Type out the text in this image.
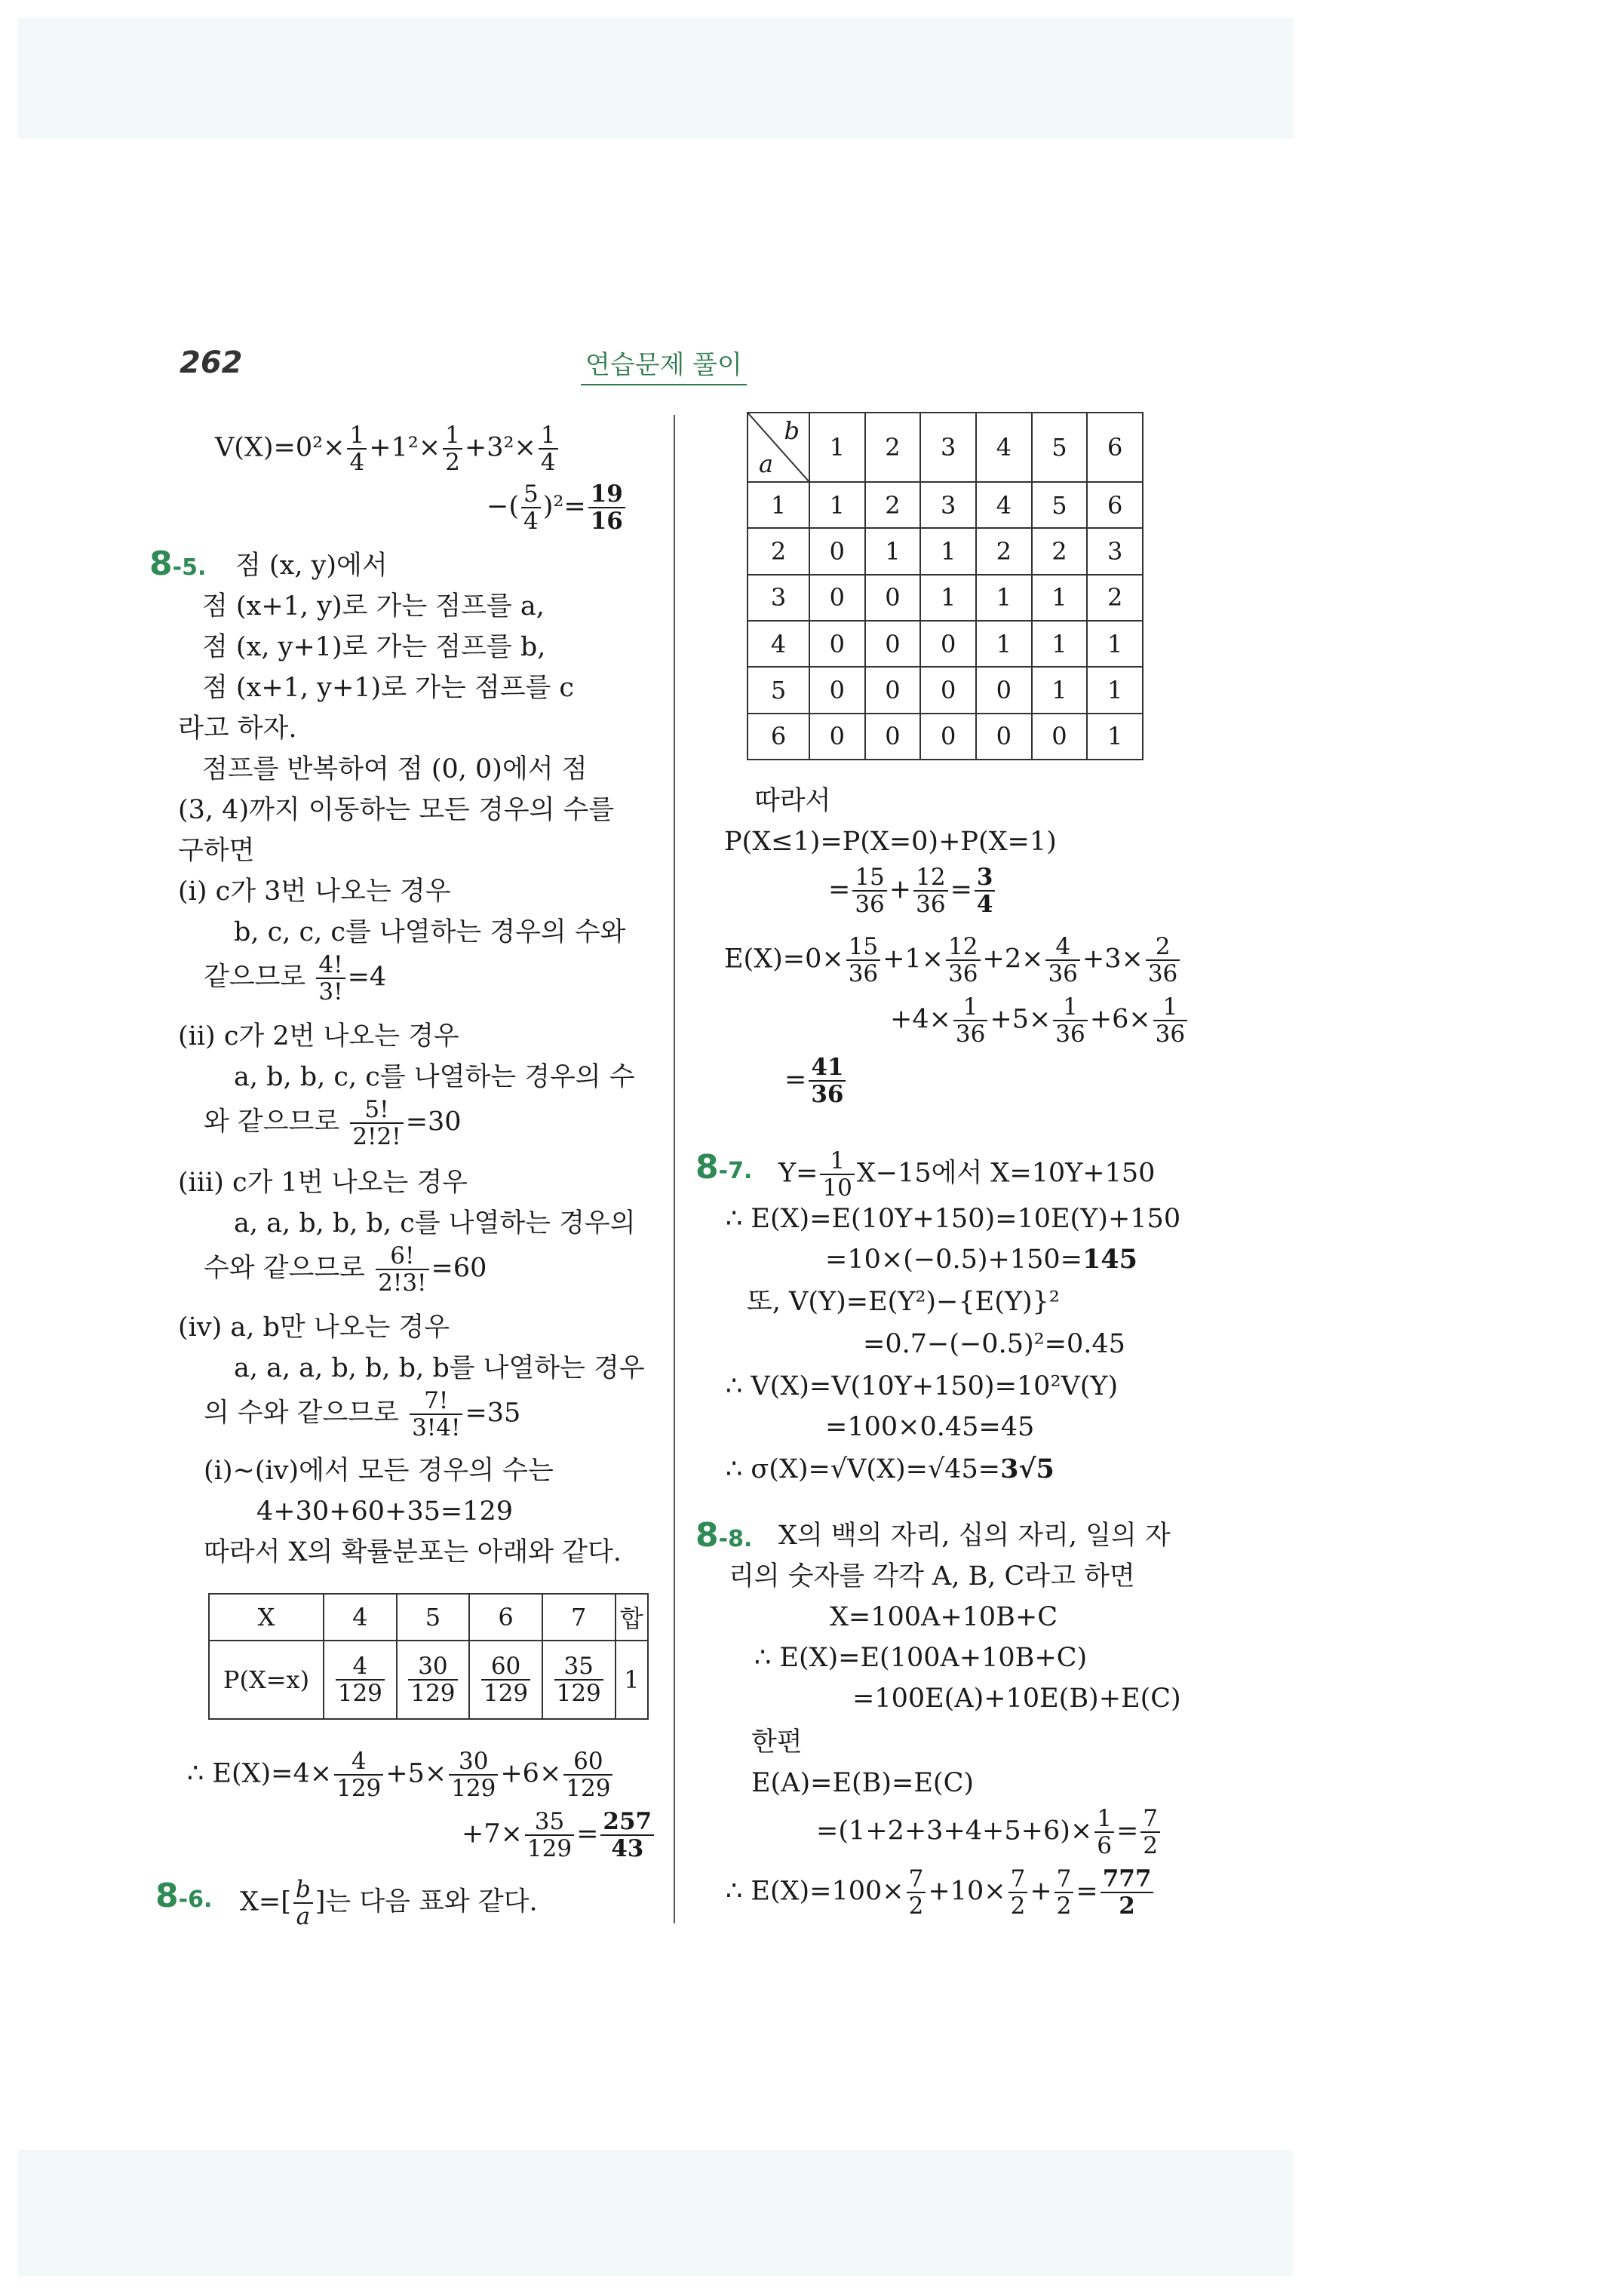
262	연습문제 풀이
$V(X)=0^2\times \frac{1}{4} +1^2\times \frac{1}{2} +3^2\times \frac{1}{4}$
−( $\frac{5}{4} )^2= \frac{19}{16}$
8-5. 점 (x, y)에서
점 (x+1, y)로 가는 점프를 a,
점 (x, y+1)로 가는 점프를 b,
점 (x+1, y+1)로 가는 점프를 c
라고 하자.
점프를 반복하여 점 (0, 0)에서 점
(3, 4)까지 이동하는 모든 경우의 수를
구하면
(ⅰ) c가 3번 나오는 경우
b, c, c, c를 나열하는 경우의 수와
같으므로 $\frac{4!}{3!} =4$
(ⅱ) c가 2번 나오는 경우
a, b, b, c, c를 나열하는 경우의 수
와 같으므로 $\frac{5!}{2!2!} =30$
(ⅲ) c가 1번 나오는 경우
a, a, b, b, b, c를 나열하는 경우의
수와 같으므로 $\frac{6!}{2!3!} =60$
(ⅳ) a, b만 나오는 경우
a, a, a, b, b, b, b를 나열하는 경우
의 수와 같으므로 $\frac{7!}{3!4!} =35$
(ⅰ)~(ⅳ)에서 모든 경우의 수는
4+30+60+35=129
따라서 X의 확률분포는 아래와 같다.
X	4	5	6	7	합
P(X=x)	$\frac{4}{129}$	$\frac{30}{129}$	$\frac{60}{129}$	$\frac{35}{129}$	1
∴ $E(X)=4\times \frac{4}{129} +5\times \frac{30}{129} +6\times \frac{60}{129}$
$+7\times \frac{35}{129} = \frac{257}{43}$
8-6. $X=[ \frac{b}{a}$ ]는 다음 표와 같다.
b
a	1	2	3	4	5	6
1	1	2	3	4	5	6
2	0	1	1	2	2	3
3	0	0	1	1	1	2
4	0	0	0	1	1	1
5	0	0	0	0	1	1
6	0	0	0	0	0	1
따라서
P(X≤1)=P(X=0)+P(X=1)
= $\frac{15}{36} + \frac{12}{36} = \frac{3}{4}$
$E(X)=0\times \frac{15}{36} +1\times \frac{12}{36} +2\times \frac{4}{36} +3\times \frac{2}{36}$
$+4\times \frac{1}{36} +5\times \frac{1}{36} +6\times \frac{1}{36}$
= $\frac{41}{36}$
8-7. $Y= \frac{1}{10} X-15$에서 X=10Y+150
∴ E(X)=E(10Y+150)=10E(Y)+150
=10×(−0.5)+150=145
또, V(Y)=E(Y²)−{E(Y)}²
=0.7−(−0.5)²=0.45
∴ V(X)=V(10Y+150)=10²V(Y)
=100×0.45=45
∴ σ(X)=√V(X)=√45=3√5
8-8. X의 백의 자리, 십의 자리, 일의 자
리의 숫자를 각각 A, B, C라고 하면
X=100A+10B+C
∴ E(X)=E(100A+10B+C)
=100E(A)+10E(B)+E(C)
한편
E(A)=E(B)=E(C)
$=(1+2+3+4+5+6)\times \frac{1}{6} = \frac{7}{2}$
∴ $E(X)=100\times \frac{7}{2} +10\times \frac{7}{2} + \frac{7}{2} = \frac{777}{2}$
